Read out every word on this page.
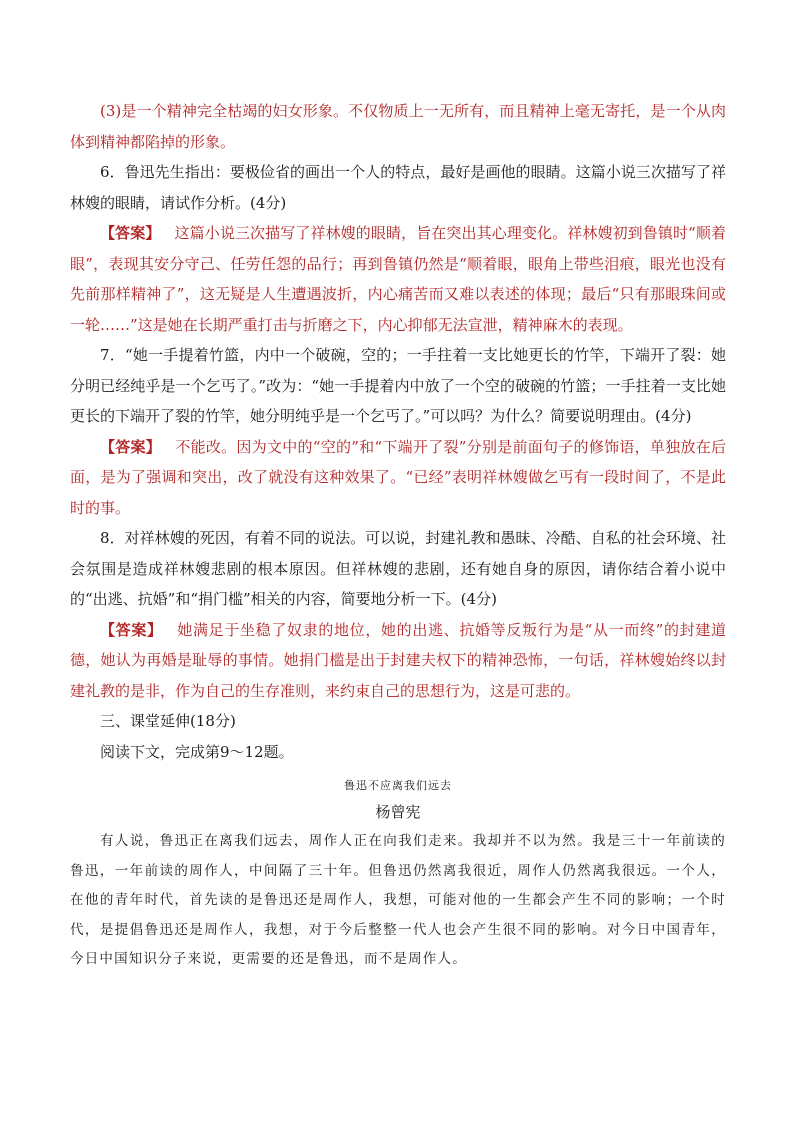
(3)是一个精神完全枯竭的妇女形象。不仅物质上一无所有，而且精神上毫无寄托，是一个从肉体到精神都陷掉的形象。

6．鲁迅先生指出：要极俭省的画出一个人的特点，最好是画他的眼睛。这篇小说三次描写了祥林嫂的眼睛，请试作分析。(4分)

【答案】 这篇小说三次描写了祥林嫂的眼睛，旨在突出其心理变化。祥林嫂初到鲁镇时“顺着眼”，表现其安分守己、任劳任怨的品行；再到鲁镇仍然是“顺着眼，眼角上带些泪痕，眼光也没有先前那样精神了”，这无疑是人生遭遇波折，内心痛苦而又难以表述的体现；最后“只有那眼珠间或一轮……”这是她在长期严重打击与折磨之下，内心抑郁无法宣泄，精神麻木的表现。

7．“她一手提着竹篮，内中一个破碗，空的；一手拄着一支比她更长的竹竿，下端开了裂：她分明已经纯乎是一个乞丐了。”改为：“她一手提着内中放了一个空的破碗的竹篮；一手拄着一支比她更长的下端开了裂的竹竿，她分明纯乎是一个乞丐了。”可以吗？为什么？简要说明理由。(4分)

【答案】 不能改。因为文中的“空的”和“下端开了裂”分别是前面句子的修饰语，单独放在后面，是为了强调和突出，改了就没有这种效果了。“已经”表明祥林嫂做乞丐有一段时间了，不是此时的事。

8．对祥林嫂的死因，有着不同的说法。可以说，封建礼教和愚昧、冷酷、自私的社会环境、社会氛围是造成祥林嫂悲剧的根本原因。但祥林嫂的悲剧，还有她自身的原因，请你结合着小说中的“出逃、抗婚”和“捐门槛”相关的内容，简要地分析一下。(4分)

【答案】 她满足于坐稳了奴隶的地位，她的出逃、抗婚等反叛行为是“从一而终”的封建道德，她认为再婚是耻辱的事情。她捐门槛是出于封建夫权下的精神恐怖，一句话，祥林嫂始终以封建礼教的是非，作为自己的生存准则，来约束自己的思想行为，这是可悲的。

三、课堂延伸(18分)

阅读下文，完成第9～12题。

鲁迅不应离我们远去
杨曾宪

有人说，鲁迅正在离我们远去，周作人正在向我们走来。我却并不以为然。我是三十一年前读的鲁迅，一年前读的周作人，中间隔了三十年。但鲁迅仍然离我很近，周作人仍然离我很远。一个人，在他的青年时代，首先读的是鲁迅还是周作人，我想，可能对他的一生都会产生不同的影响；一个时代，是提倡鲁迅还是周作人，我想，对于今后整整一代人也会产生很不同的影响。对今日中国青年，今日中国知识分子来说，更需要的还是鲁迅，而不是周作人。
